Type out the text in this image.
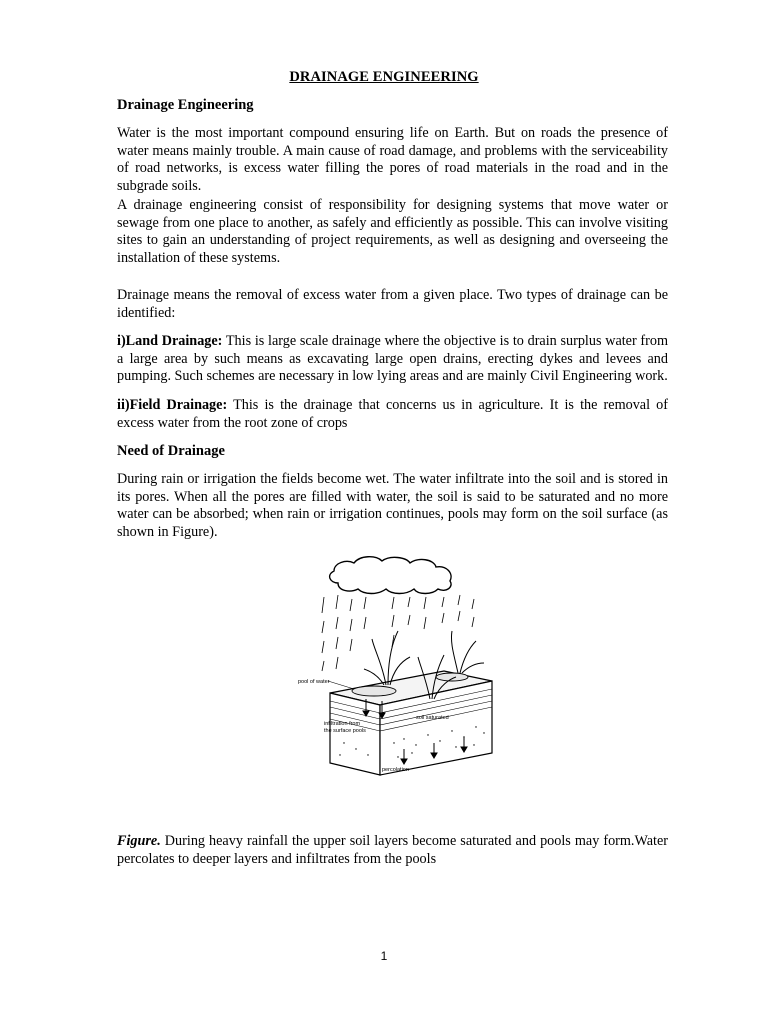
DRAINAGE ENGINEERING
Drainage Engineering
Water is the most important compound ensuring life on Earth. But on roads the presence of water means mainly trouble. A main cause of road damage, and problems with the serviceability of road networks, is excess water filling the pores of road materials in the road and in the subgrade soils.
A drainage engineering consist of responsibility for designing systems that move water or sewage from one place to another, as safely and efficiently as possible. This can involve visiting sites to gain an understanding of project requirements, as well as designing and overseeing the installation of these systems.
Drainage means the removal of excess water from a given place. Two types of drainage can be identified:
i)Land Drainage: This is large scale drainage where the objective is to drain surplus water from a large area by such means as excavating large open drains, erecting dykes and levees and pumping. Such schemes are necessary in low lying areas and are mainly Civil Engineering work.
ii)Field Drainage: This is the drainage that concerns us in agriculture. It is the removal of excess water from the root zone of crops
Need of Drainage
During rain or irrigation the fields become wet. The water infiltrate into the soil and is stored in its pores. When all the pores are filled with water, the soil is said to be saturated and no more water can be absorbed; when rain or irrigation continues, pools may form on the soil surface (as shown in Figure).
pool of water
soil saturated
infiltration from
the surface pools
percolation
Figure. During heavy rainfall the upper soil layers become saturated and pools may form.Water percolates to deeper layers and infiltrates from the pools
1
